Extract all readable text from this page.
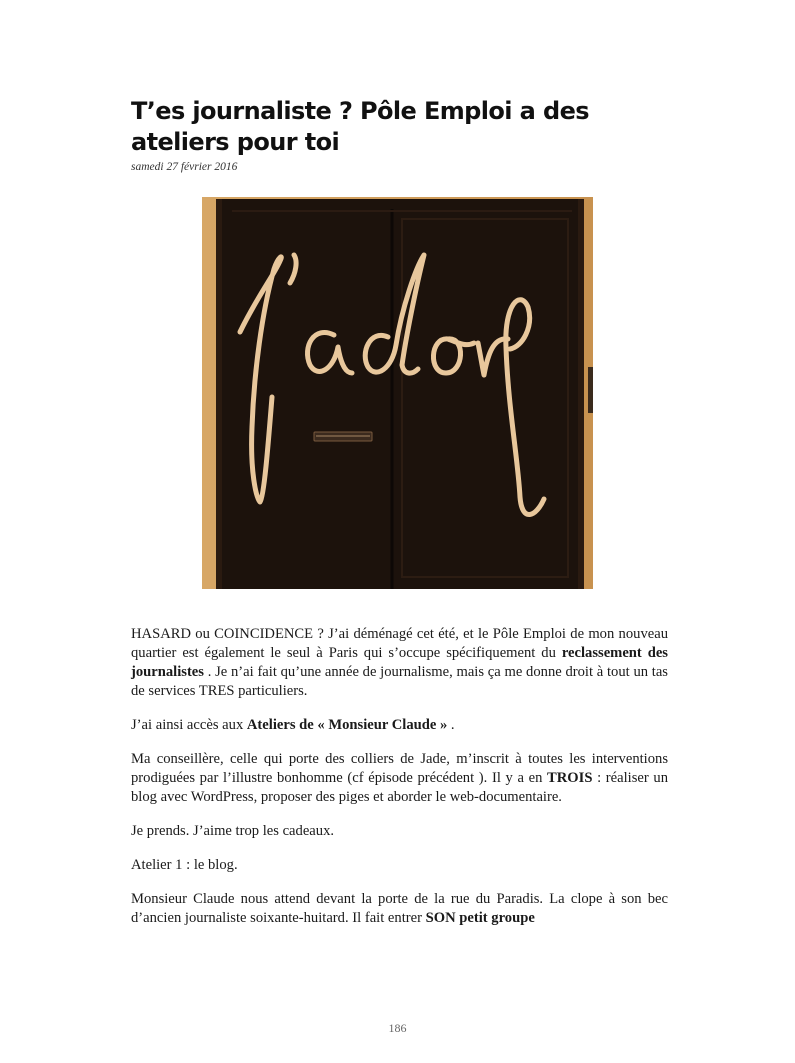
T’es journaliste ? Pôle Emploi a des ateliers pour toi
samedi 27 février 2016

HASARD ou COINCIDENCE ? J’ai déménagé cet été, et le Pôle Emploi de mon nouveau quartier est également le seul à Paris qui s’occupe spécifiquement du reclassement des journalistes . Je n’ai fait qu’une année de journalisme, mais ça me donne droit à tout un tas de services TRES particuliers.

J’ai ainsi accès aux Ateliers de « Monsieur Claude » .

Ma conseillère, celle qui porte des colliers de Jade, m’inscrit à toutes les interventions prodiguées par l’illustre bonhomme (cf épisode précédent ). Il y a en TROIS : réaliser un blog avec WordPress, proposer des piges et aborder le web-documentaire.

Je prends. J’aime trop les cadeaux.

Atelier 1 : le blog.

Monsieur Claude nous attend devant la porte de la rue du Paradis. La clope à son bec d’ancien journaliste soixante-huitard. Il fait entrer SON petit groupe

186
